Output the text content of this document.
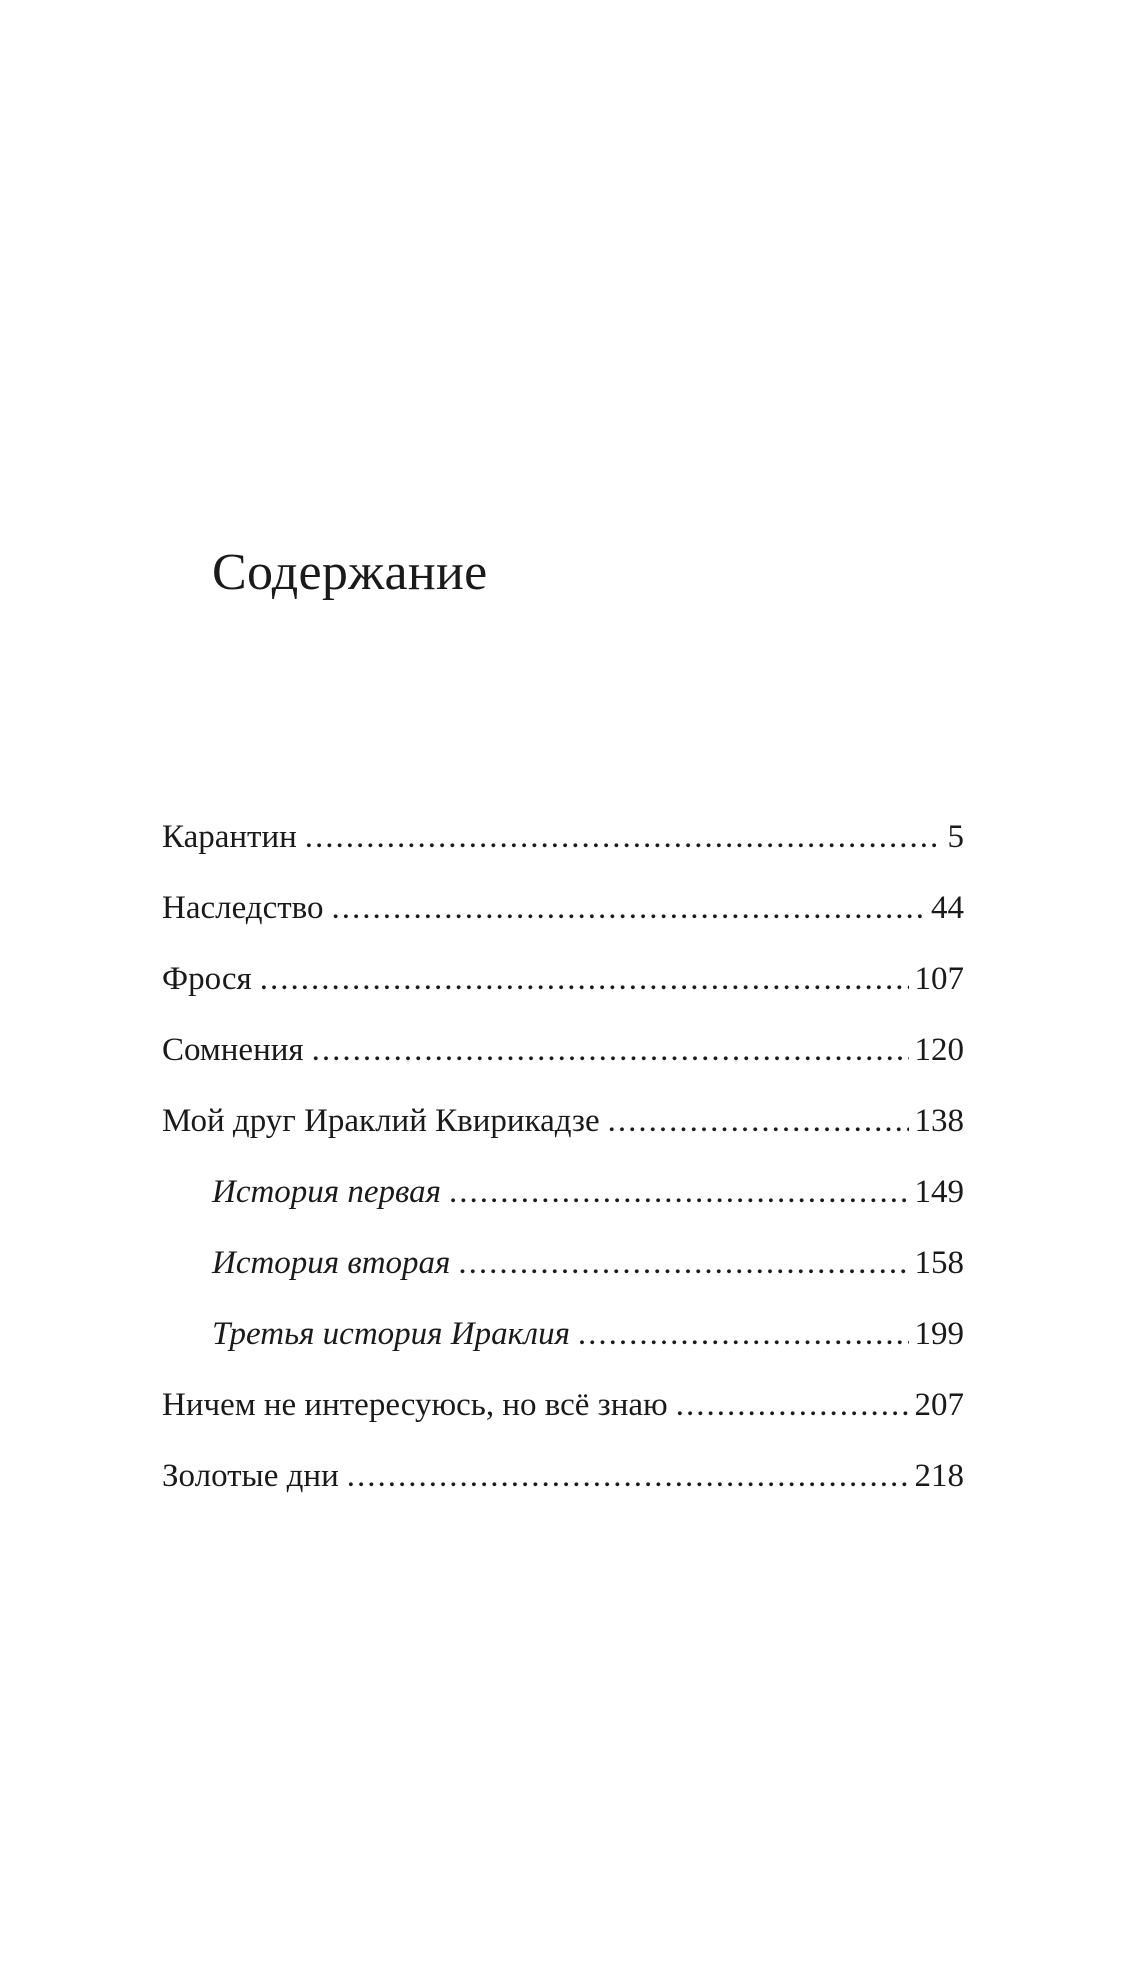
Содержание
Карантин .....	5
Наследство .....	44
Фрося .....	107
Сомнения .....	120
Мой друг Ираклий Квирикадзе .....	138
История первая .....	149
История вторая .....	158
Третья история Ираклия .....	199
Ничем не интересуюсь, но всё знаю .....	207
Золотые дни .....	218
